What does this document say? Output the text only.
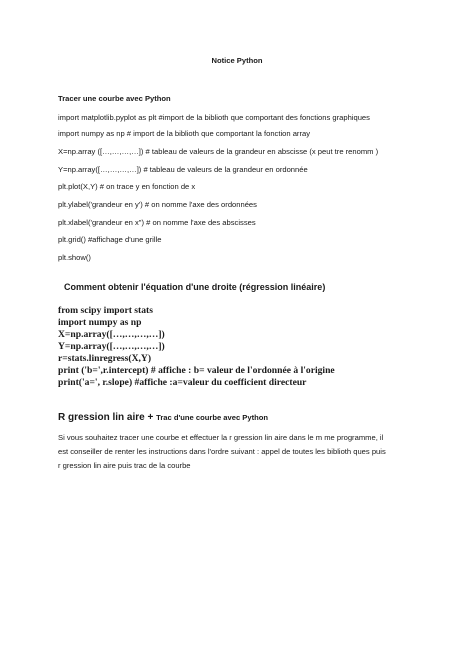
Notice Python
Tracer une courbe avec Python
import matplotlib.pyplot as plt #import de la biblioth que comportant des fonctions graphiques
import numpy as np # import de la biblioth que comportant la fonction array
X=np.array ([…,…,…,…]) # tableau de valeurs de la grandeur en abscisse (x peut tre renomm )
Y=np.array([…,…,…,…]) # tableau de valeurs de la grandeur en ordonnée
plt.plot(X,Y) # on trace y en fonction de x
plt.ylabel('grandeur en y') # on nomme l'axe des ordonnées
plt.xlabel('grandeur en x") # on nomme l'axe des abscisses
plt.grid() #affichage d'une grille
plt.show()
Comment obtenir l'équation d'une droite (régression linéaire)
from scipy import stats
import numpy as np
X=np.array([…,…,…,…])
Y=np.array([…,…,…,…])
r=stats.linregress(X,Y)
print ('b=',r.intercept) # affiche : b= valeur de l'ordonnée à l'origine
print('a=', r.slope) #affiche :a=valeur du coefficient directeur
R gression lin aire + Trac d'une courbe avec Python
Si vous souhaitez tracer une courbe et effectuer la r gression lin aire dans le m me programme, il
est conseiller de renter les instructions dans l'ordre suivant : appel de toutes les biblioth ques puis
r gression lin aire puis trac de la courbe
